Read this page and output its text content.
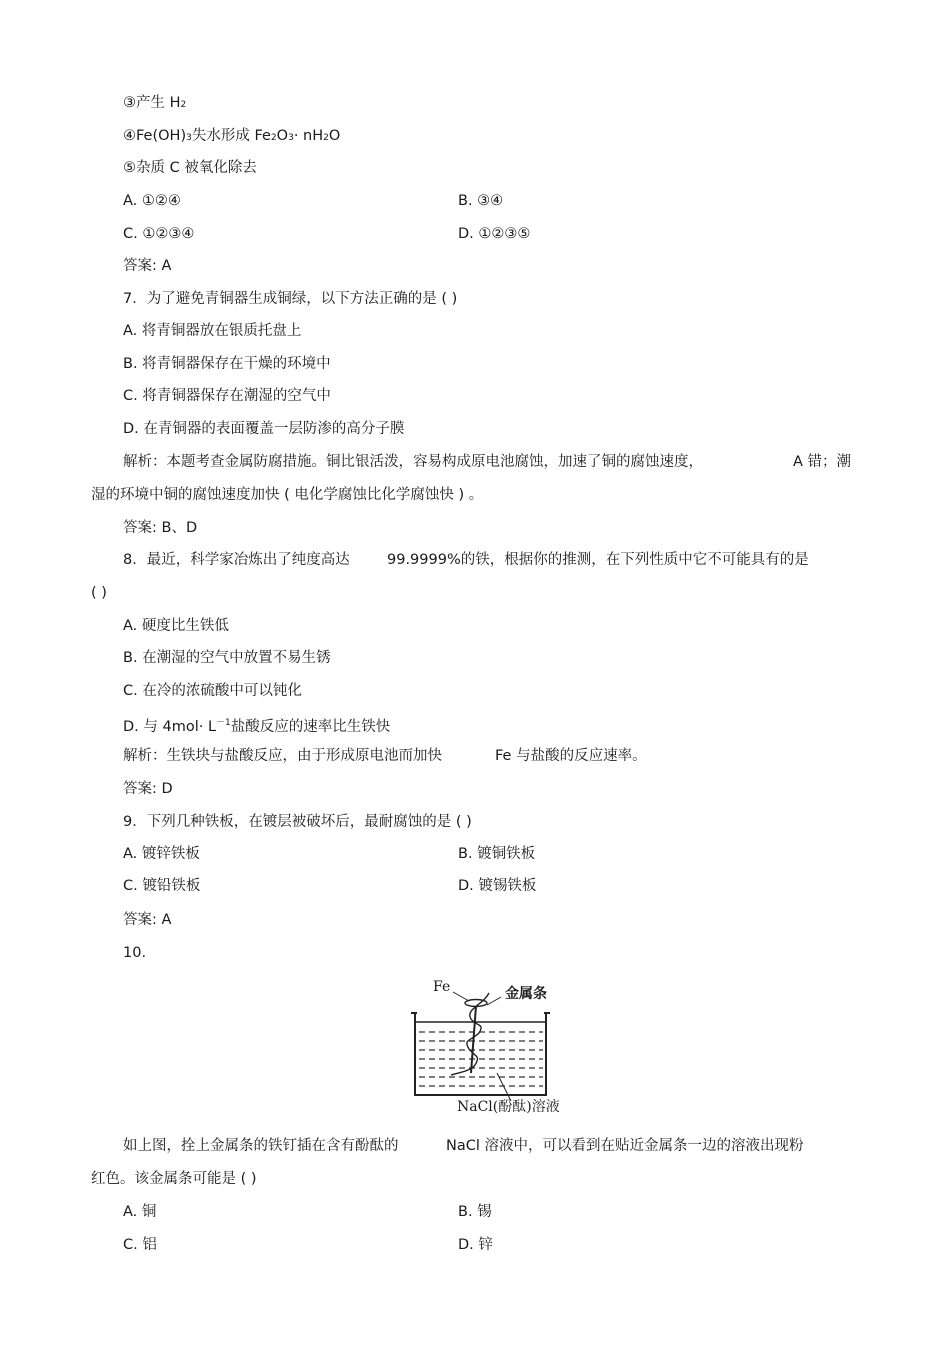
③产生 H2
④Fe(OH)3失水形成 Fe2O3· nH2O
⑤杂质 C 被氧化除去
A. ①②④	B. ③④
C. ①②③④	D. ①②③⑤
答案: A
7．为了避免青铜器生成铜绿，以下方法正确的是 ( )
A. 将青铜器放在银质托盘上
B. 将青铜器保存在干燥的环境中
C. 将青铜器保存在潮湿的空气中
D. 在青铜器的表面覆盖一层防渗的高分子膜
解析：本题考查金属防腐措施。铜比银活泼，容易构成原电池腐蚀，加速了铜的腐蚀速度，	A 错；潮
湿的环境中铜的腐蚀速度加快 ( 电化学腐蚀比化学腐蚀快 ) 。
答案: B、D
8．最近，科学家冶炼出了纯度高达	99.9999%的铁，根据你的推测，在下列性质中它不可能具有的是
( )
A. 硬度比生铁低
B. 在潮湿的空气中放置不易生锈
C. 在冷的浓硫酸中可以钝化
D. 与 $4mol\cdot L^{-1}$盐酸反应的速率比生铁快
解析：生铁块与盐酸反应，由于形成原电池而加快	Fe 与盐酸的反应速率。
答案: D
9．下列几种铁板，在镀层被破坏后，最耐腐蚀的是 ( )
A. 镀锌铁板	B. 镀铜铁板
C. 镀铅铁板	D. 镀锡铁板
答案: A
10.
Fe	金属条
NaCl(酚酞)溶液
如上图，拴上金属条的铁钉插在含有酚酞的	NaCl 溶液中，可以看到在贴近金属条一边的溶液出现粉
红色。该金属条可能是 ( )
A. 铜	B. 锡
C. 铝	D. 锌
